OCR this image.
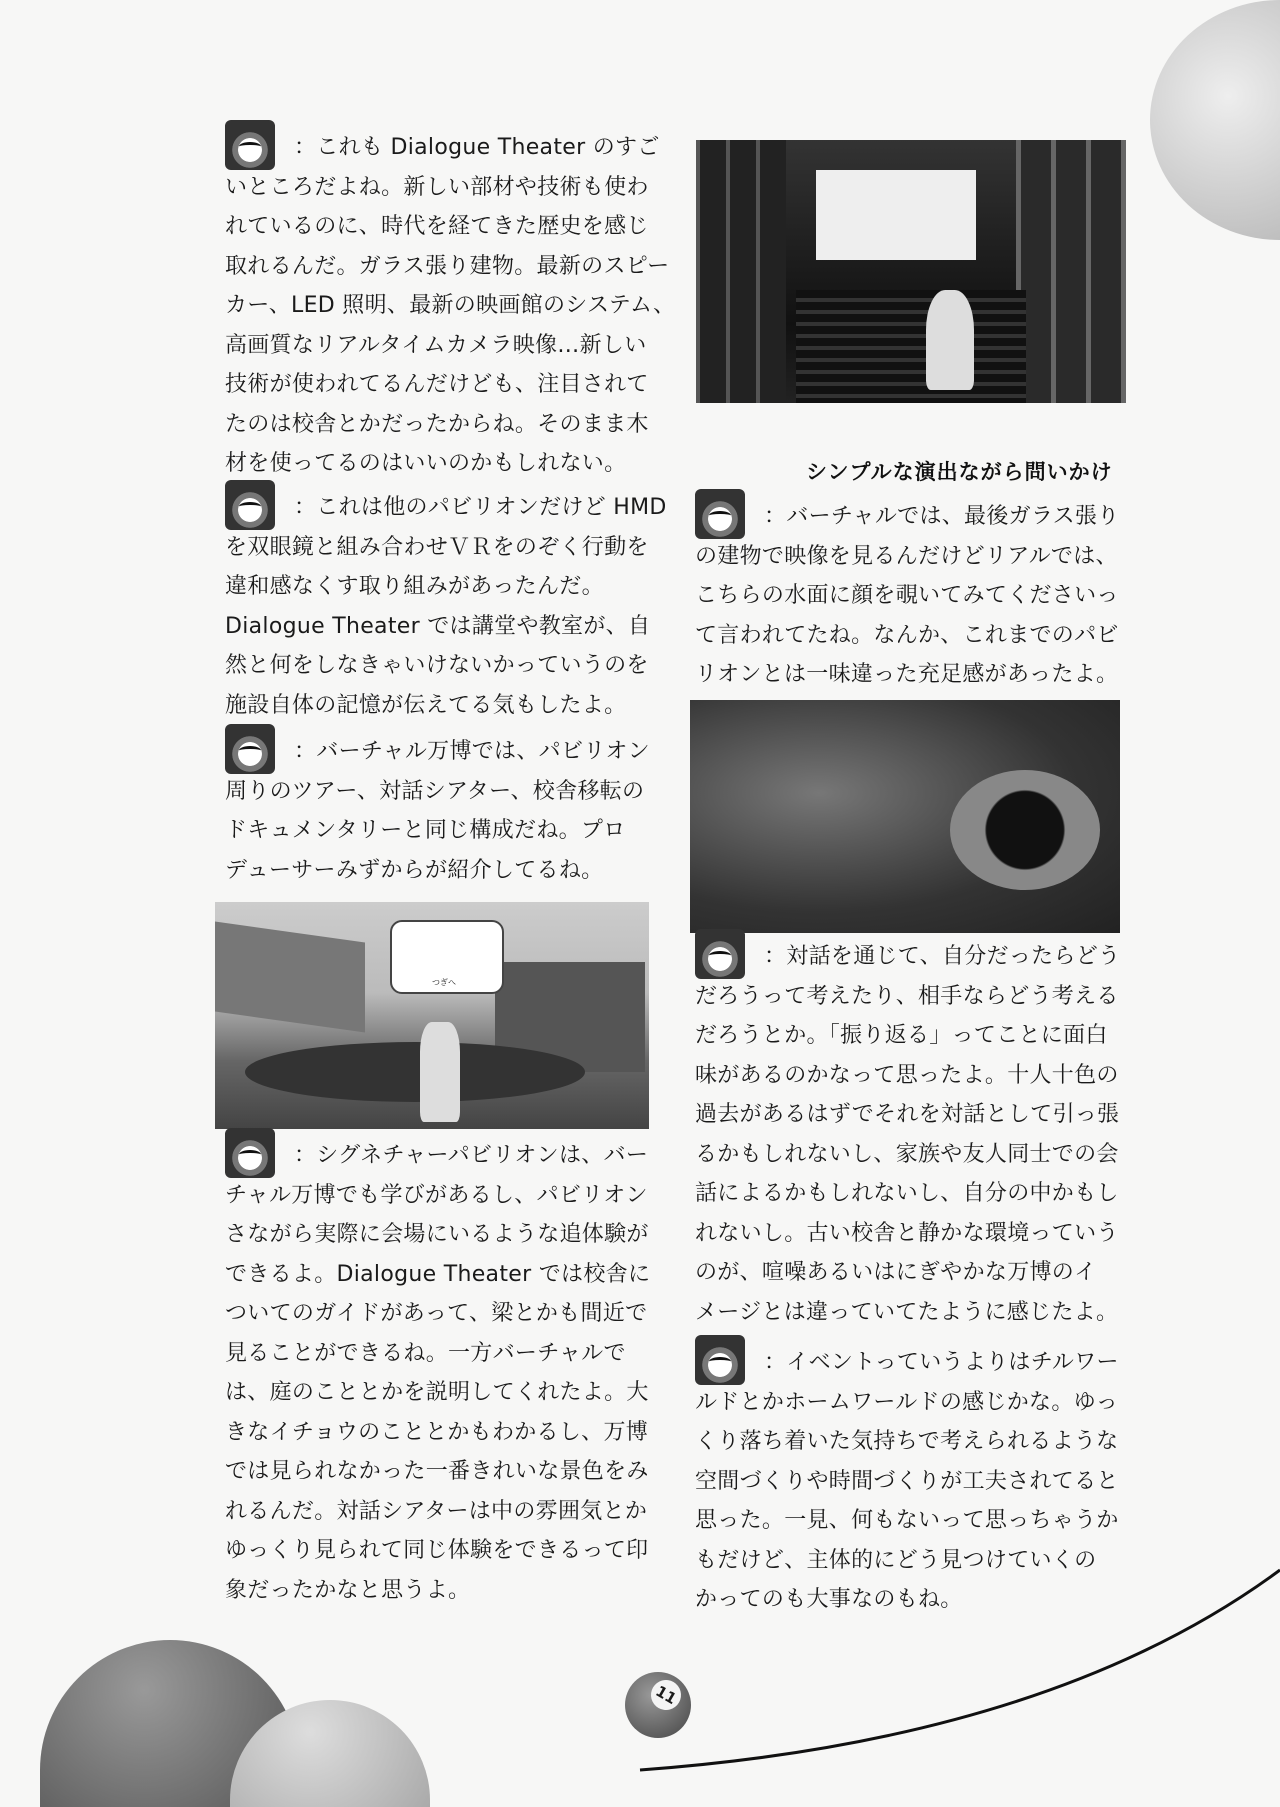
11
ROOTON
シンプルな演出ながら問いかけ
つぎへ
：これも Dialogue Theater のすご
いところだよね。新しい部材や技術も使わ
れているのに、時代を経てきた歴史を感じ
取れるんだ。ガラス張り建物。最新のスピー
カー、LED 照明、最新の映画館のシステム、
高画質なリアルタイムカメラ映像…新しい
技術が使われてるんだけども、注目されて
たのは校舎とかだったからね。そのまま木
材を使ってるのはいいのかもしれない。
：これは他のパビリオンだけど HMD
を双眼鏡と組み合わせＶＲをのぞく行動を
違和感なくす取り組みがあったんだ。
Dialogue Theater では講堂や教室が、自
然と何をしなきゃいけないかっていうのを
施設自体の記憶が伝えてる気もしたよ。
：バーチャル万博では、パビリオン
周りのツアー、対話シアター、校舎移転の
ドキュメンタリーと同じ構成だね。プロ
デューサーみずからが紹介してるね。
：シグネチャーパビリオンは、バー
チャル万博でも学びがあるし、パビリオン
さながら実際に会場にいるような追体験が
できるよ。Dialogue Theater では校舎に
ついてのガイドがあって、梁とかも間近で
見ることができるね。一方バーチャルで
は、庭のこととかを説明してくれたよ。大
きなイチョウのこととかもわかるし、万博
では見られなかった一番きれいな景色をみ
れるんだ。対話シアターは中の雰囲気とか
ゆっくり見られて同じ体験をできるって印
象だったかなと思うよ。
：バーチャルでは、最後ガラス張り
の建物で映像を見るんだけどリアルでは、
こちらの水面に顔を覗いてみてくださいっ
て言われてたね。なんか、これまでのパビ
リオンとは一味違った充足感があったよ。
：対話を通じて、自分だったらどう
だろうって考えたり、相手ならどう考える
だろうとか。「振り返る」ってことに面白
味があるのかなって思ったよ。十人十色の
過去があるはずでそれを対話として引っ張
るかもしれないし、家族や友人同士での会
話によるかもしれないし、自分の中かもし
れないし。古い校舎と静かな環境っていう
のが、喧噪あるいはにぎやかな万博のイ
メージとは違っていてたように感じたよ。
：イベントっていうよりはチルワー
ルドとかホームワールドの感じかな。ゆっ
くり落ち着いた気持ちで考えられるような
空間づくりや時間づくりが工夫されてると
思った。一見、何もないって思っちゃうか
もだけど、主体的にどう見つけていくの
かってのも大事なのもね。
